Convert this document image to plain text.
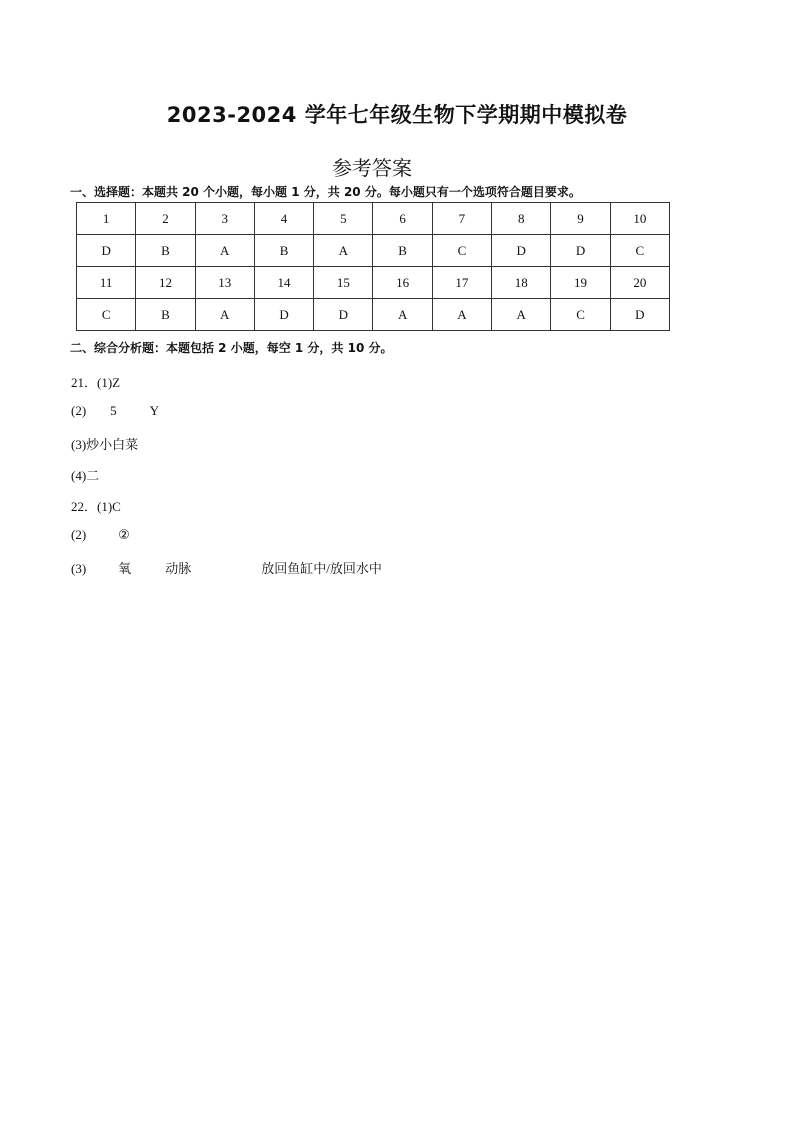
2023-2024 学年七年级生物下学期期中模拟卷
参考答案
一、选择题：本题共 20 个小题，每小题 1 分，共 20 分。每小题只有一个选项符合题目要求。
1	2	3	4	5	6	7	8	9	10
D	B	A	B	A	B	C	D	D	C
11	12	13	14	15	16	17	18	19	20
C	B	A	D	D	A	A	A	C	D
二、综合分析题：本题包括 2 小题，每空 1 分，共 10 分。
21．(1)Z
(2) 5	Y
(3)炒小白菜
(4)二
22．(1)C
(2) ②
(3) 氧	动脉	放回鱼缸中/放回水中
